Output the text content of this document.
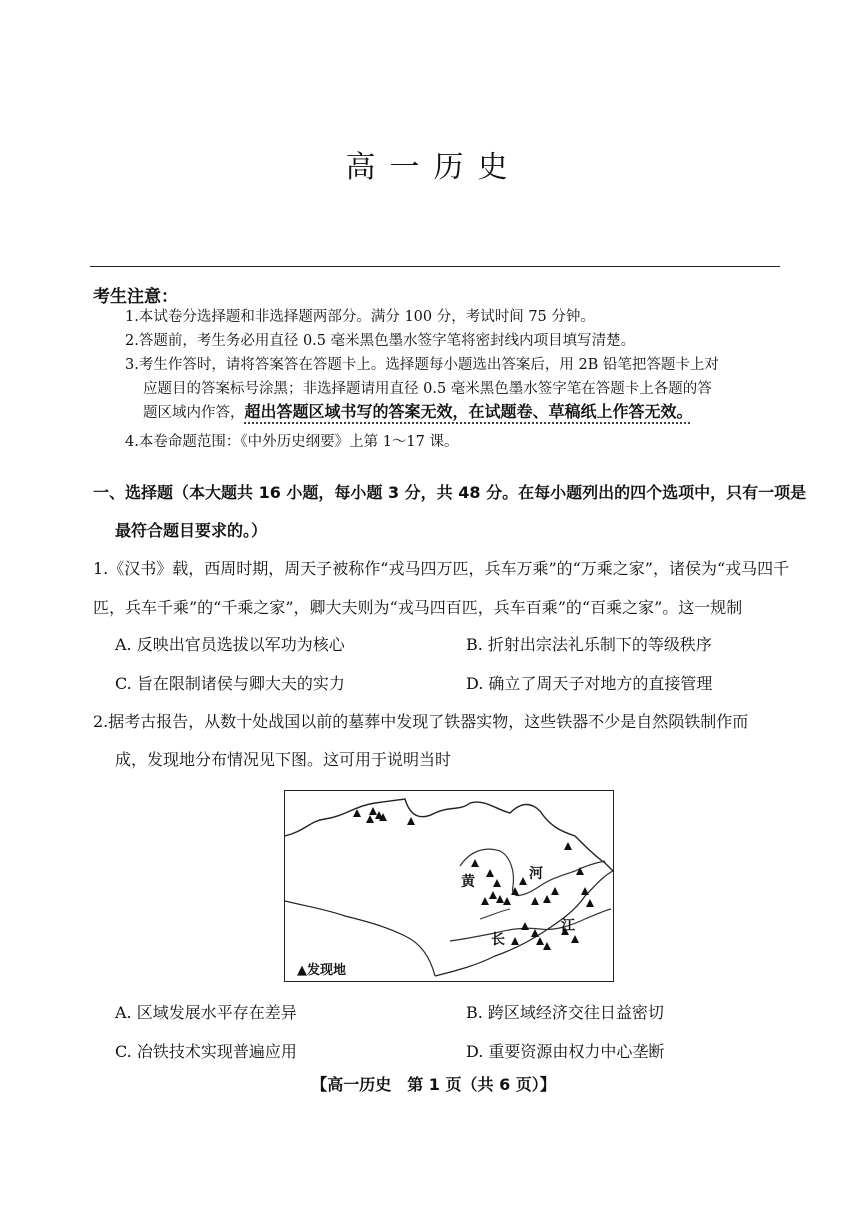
高一历史
考生注意：
1.本试卷分选择题和非选择题两部分。满分 100 分，考试时间 75 分钟。
2.答题前，考生务必用直径 0.5 毫米黑色墨水签字笔将密封线内项目填写清楚。
3.考生作答时，请将答案答在答题卡上。选择题每小题选出答案后，用 2B 铅笔把答题卡上对
应题目的答案标号涂黑；非选择题请用直径 0.5 毫米黑色墨水签字笔在答题卡上各题的答
题区域内作答，超出答题区域书写的答案无效，在试题卷、草稿纸上作答无效。
4.本卷命题范围：《中外历史纲要》上第 1～17 课。
一、选择题（本大题共 16 小题，每小题 3 分，共 48 分。在每小题列出的四个选项中，只有一项是
最符合题目要求的。）
1.《汉书》载，西周时期，周天子被称作“戎马四万匹，兵车万乘”的“万乘之家”，诸侯为“戎马四千
匹，兵车千乘”的“千乘之家”，卿大夫则为“戎马四百匹，兵车百乘”的“百乘之家”。这一规制
A. 反映出官员选拔以军功为核心	B. 折射出宗法礼乐制下的等级秩序
C. 旨在限制诸侯与卿大夫的实力	D. 确立了周天子对地方的直接管理
2.据考古报告，从数十处战国以前的墓葬中发现了铁器实物，这些铁器不少是自然陨铁制作而
成，发现地分布情况见下图。这可用于说明当时
黄	河
长
江
▲发现地
A. 区域发展水平存在差异	B. 跨区域经济交往日益密切
C. 冶铁技术实现普遍应用	D. 重要资源由权力中心垄断
【高一历史　第 1 页（共 6 页）】
